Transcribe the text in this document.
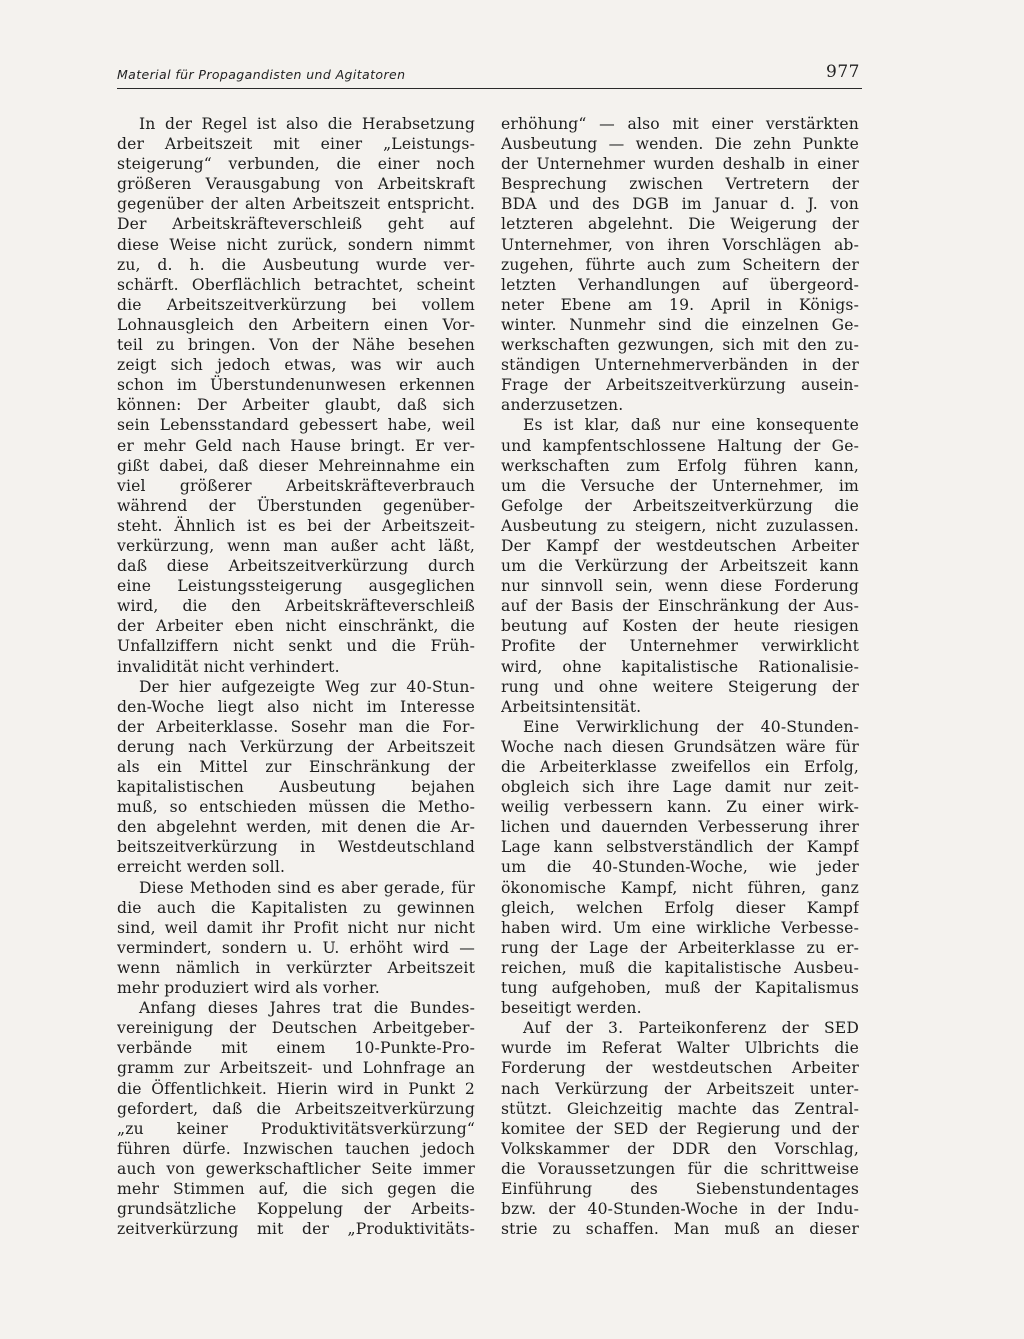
Material für Propagandisten und Agitatoren	977
In der Regel ist also die Herabsetzung
der Arbeitszeit mit einer „Leistungs-
steigerung“ verbunden, die einer noch
größeren Verausgabung von Arbeitskraft
gegenüber der alten Arbeitszeit entspricht.
Der Arbeitskräfteverschleiß geht auf
diese Weise nicht zurück, sondern nimmt
zu, d. h. die Ausbeutung wurde ver-
schärft. Oberflächlich betrachtet, scheint
die Arbeitszeitverkürzung bei vollem
Lohnausgleich den Arbeitern einen Vor-
teil zu bringen. Von der Nähe besehen
zeigt sich jedoch etwas, was wir auch
schon im Überstundenunwesen erkennen
können: Der Arbeiter glaubt, daß sich
sein Lebensstandard gebessert habe, weil
er mehr Geld nach Hause bringt. Er ver-
gißt dabei, daß dieser Mehreinnahme ein
viel größerer Arbeitskräfteverbrauch
während der Überstunden gegenüber-
steht. Ähnlich ist es bei der Arbeitszeit-
verkürzung, wenn man außer acht läßt,
daß diese Arbeitszeitverkürzung durch
eine Leistungssteigerung ausgeglichen
wird, die den Arbeitskräfteverschleiß
der Arbeiter eben nicht einschränkt, die
Unfallziffern nicht senkt und die Früh-
invalidität nicht verhindert.
Der hier aufgezeigte Weg zur 40-Stun-
den-Woche liegt also nicht im Interesse
der Arbeiterklasse. Sosehr man die For-
derung nach Verkürzung der Arbeitszeit
als ein Mittel zur Einschränkung der
kapitalistischen Ausbeutung bejahen
muß, so entschieden müssen die Metho-
den abgelehnt werden, mit denen die Ar-
beitszeitverkürzung in Westdeutschland
erreicht werden soll.
Diese Methoden sind es aber gerade, für
die auch die Kapitalisten zu gewinnen
sind, weil damit ihr Profit nicht nur nicht
vermindert, sondern u. U. erhöht wird —
wenn nämlich in verkürzter Arbeitszeit
mehr produziert wird als vorher.
Anfang dieses Jahres trat die Bundes-
vereinigung der Deutschen Arbeitgeber-
verbände mit einem 10-Punkte-Pro-
gramm zur Arbeitszeit- und Lohnfrage an
die Öffentlichkeit. Hierin wird in Punkt 2
gefordert, daß die Arbeitszeitverkürzung
„zu keiner Produktivitätsverkürzung“
führen dürfe. Inzwischen tauchen jedoch
auch von gewerkschaftlicher Seite immer
mehr Stimmen auf, die sich gegen die
grundsätzliche Koppelung der Arbeits-
zeitverkürzung mit der „Produktivitäts-
erhöhung“ — also mit einer verstärkten
Ausbeutung — wenden. Die zehn Punkte
der Unternehmer wurden deshalb in einer
Besprechung zwischen Vertretern der
BDA und des DGB im Januar d. J. von
letzteren abgelehnt. Die Weigerung der
Unternehmer, von ihren Vorschlägen ab-
zugehen, führte auch zum Scheitern der
letzten Verhandlungen auf übergeord-
neter Ebene am 19. April in Königs-
winter. Nunmehr sind die einzelnen Ge-
werkschaften gezwungen, sich mit den zu-
ständigen Unternehmerverbänden in der
Frage der Arbeitszeitverkürzung ausein-
anderzusetzen.
Es ist klar, daß nur eine konsequente
und kampfentschlossene Haltung der Ge-
werkschaften zum Erfolg führen kann,
um die Versuche der Unternehmer, im
Gefolge der Arbeitszeitverkürzung die
Ausbeutung zu steigern, nicht zuzulassen.
Der Kampf der westdeutschen Arbeiter
um die Verkürzung der Arbeitszeit kann
nur sinnvoll sein, wenn diese Forderung
auf der Basis der Einschränkung der Aus-
beutung auf Kosten der heute riesigen
Profite der Unternehmer verwirklicht
wird, ohne kapitalistische Rationalisie-
rung und ohne weitere Steigerung der
Arbeitsintensität.
Eine Verwirklichung der 40-Stunden-
Woche nach diesen Grundsätzen wäre für
die Arbeiterklasse zweifellos ein Erfolg,
obgleich sich ihre Lage damit nur zeit-
weilig verbessern kann. Zu einer wirk-
lichen und dauernden Verbesserung ihrer
Lage kann selbstverständlich der Kampf
um die 40-Stunden-Woche, wie jeder
ökonomische Kampf, nicht führen, ganz
gleich, welchen Erfolg dieser Kampf
haben wird. Um eine wirkliche Verbesse-
rung der Lage der Arbeiterklasse zu er-
reichen, muß die kapitalistische Ausbeu-
tung aufgehoben, muß der Kapitalismus
beseitigt werden.
Auf der 3. Parteikonferenz der SED
wurde im Referat Walter Ulbrichts die
Forderung der westdeutschen Arbeiter
nach Verkürzung der Arbeitszeit unter-
stützt. Gleichzeitig machte das Zentral-
komitee der SED der Regierung und der
Volkskammer der DDR den Vorschlag,
die Voraussetzungen für die schrittweise
Einführung des Siebenstundentages
bzw. der 40-Stunden-Woche in der Indu-
strie zu schaffen. Man muß an dieser
